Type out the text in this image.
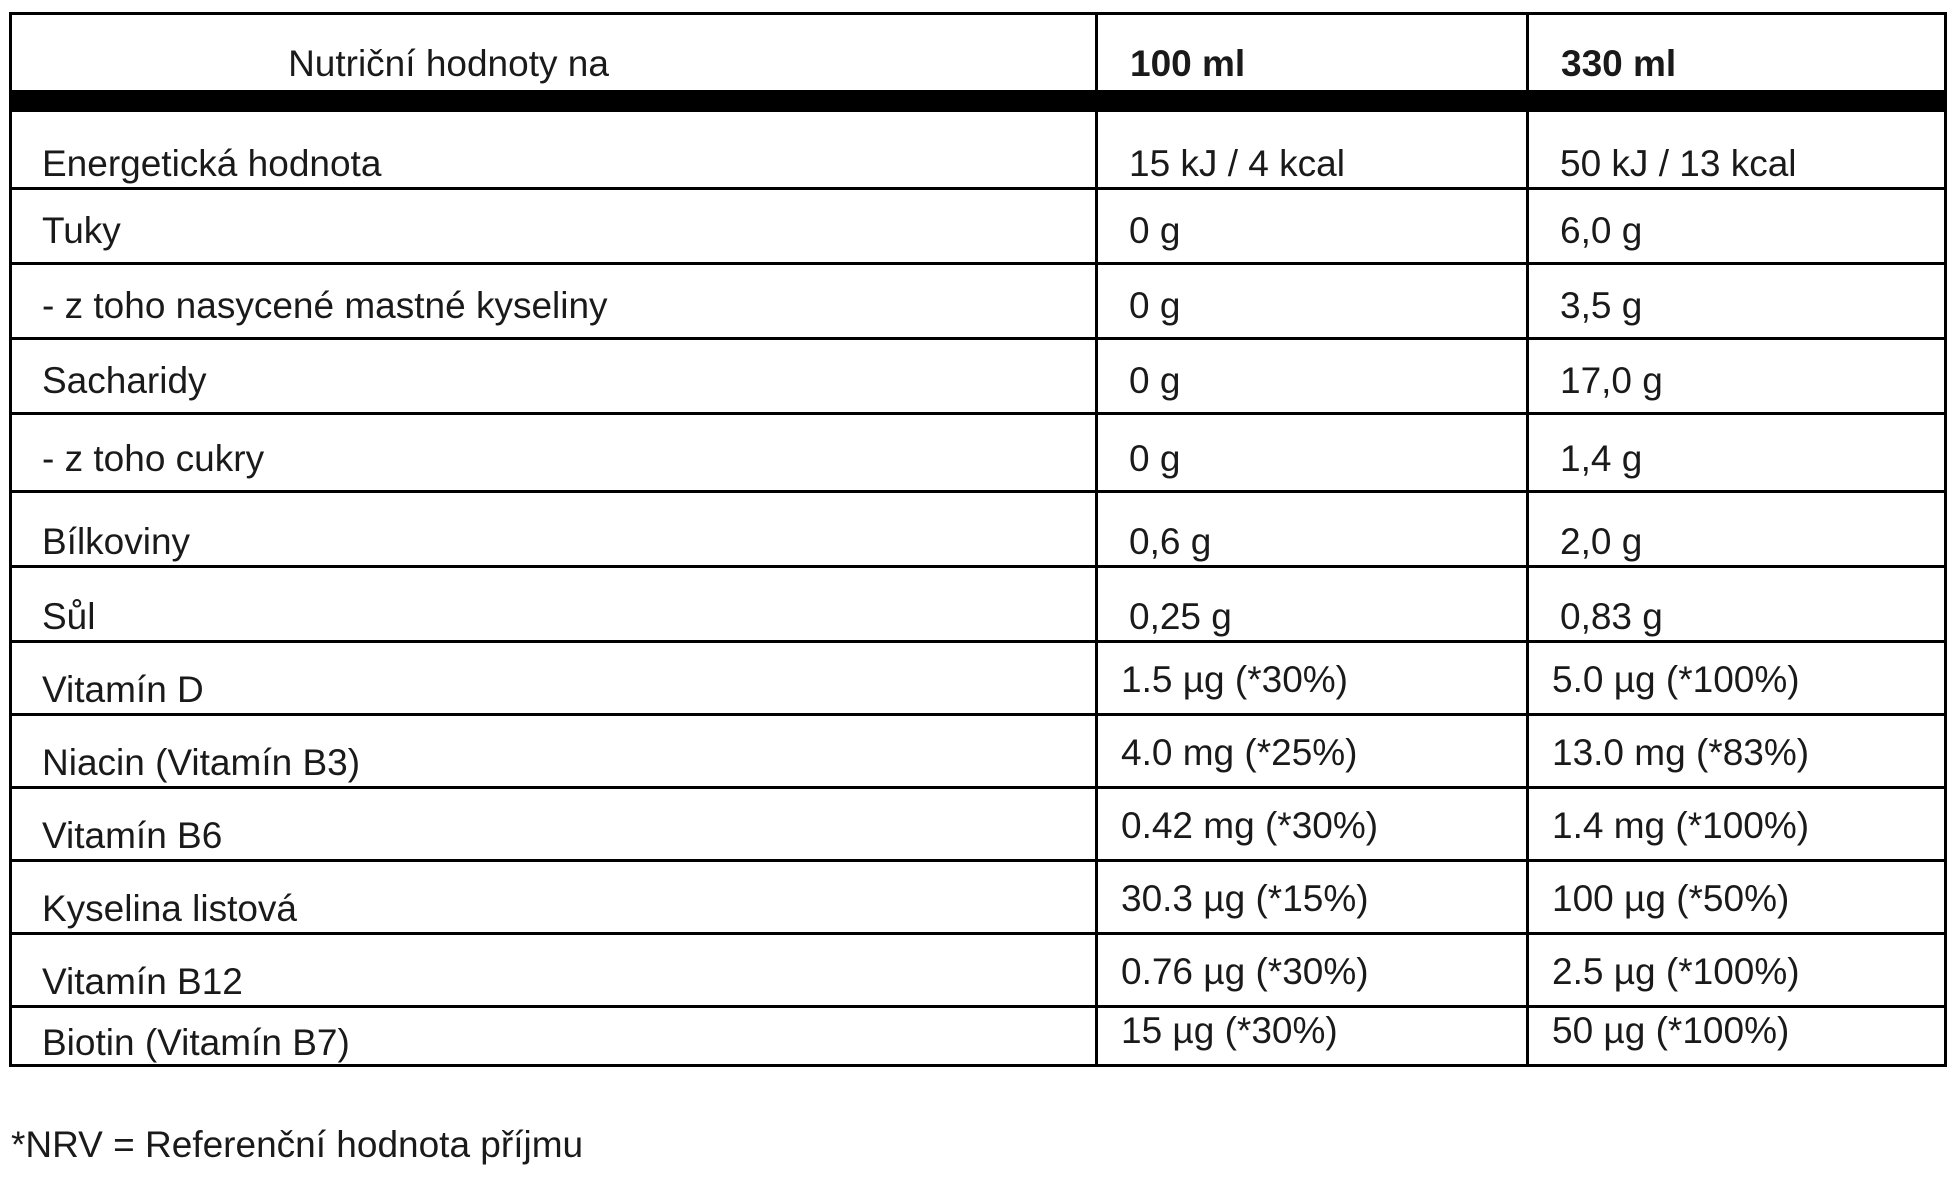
Nutriční hodnoty na	100 ml	330 ml
Energetická hodnota	15 kJ / 4 kcal	50 kJ / 13 kcal
Tuky	0 g	6,0 g
- z toho nasycené mastné kyseliny	0 g	3,5 g
Sacharidy	0 g	17,0 g
- z toho cukry	0 g	1,4 g
Bílkoviny	0,6 g	2,0 g
Sůl	0,25 g	0,83 g
Vitamín D	1.5 µg (*30%)	5.0 µg (*100%)
Niacin (Vitamín B3)	4.0 mg (*25%)	13.0 mg (*83%)
Vitamín B6	0.42 mg (*30%)	1.4 mg (*100%)
Kyselina listová	30.3 µg (*15%)	100 µg (*50%)
Vitamín B12	0.76 µg (*30%)	2.5 µg (*100%)
Biotin (Vitamín B7)	15 µg (*30%)	50 µg (*100%)
*NRV = Referenční hodnota příjmu
